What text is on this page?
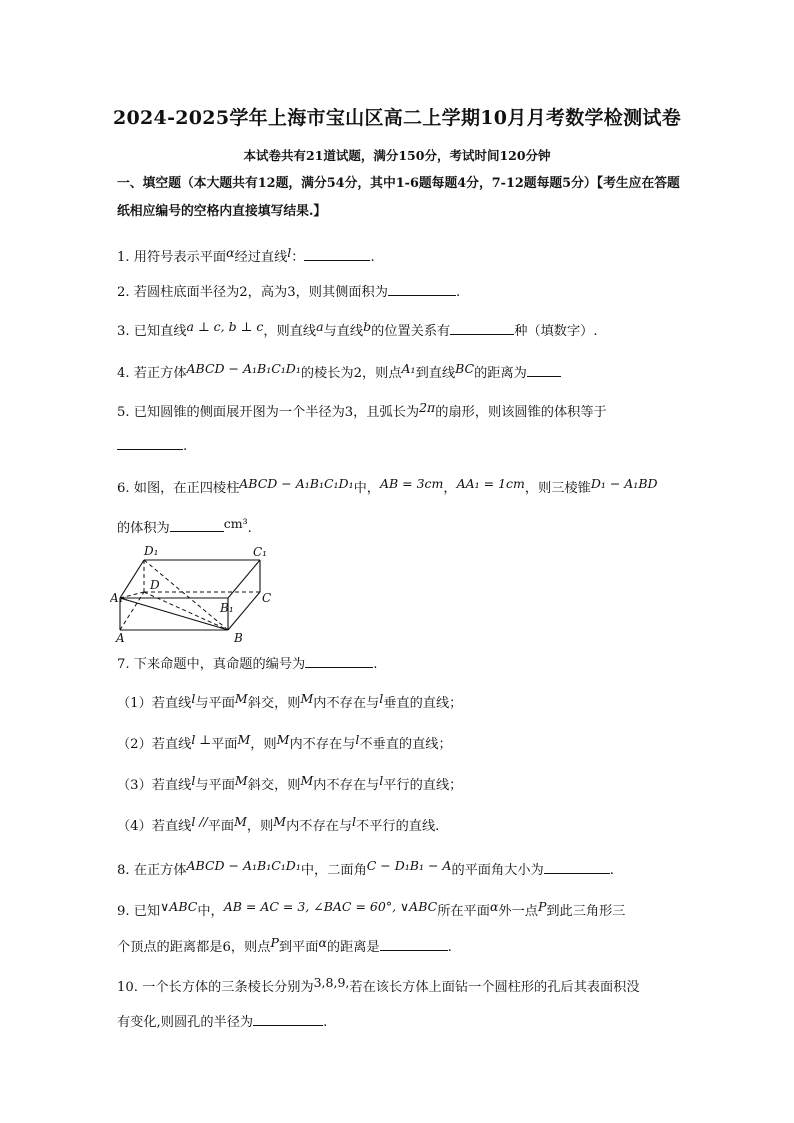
2024-2025学年上海市宝山区高二上学期10月月考数学检测试卷
本试卷共有21道试题，满分150分，考试时间120分钟
一、填空题（本大题共有12题，满分54分，其中1-6题每题4分，7-12题每题5分）【考生应在答题纸相应编号的空格内直接填写结果.】
1. 用符号表示平面α经过直线l：	.
2. 若圆柱底面半径为2，高为3，则其侧面积为	.
3. 已知直线a ⊥ c, b ⊥ c，则直线a与直线b的位置关系有	种（填数字）.
4. 若正方体ABCD − A₁B₁C₁D₁的棱长为2，则点A₁到直线BC的距离为
5. 已知圆锥的侧面展开图为一个半径为3，且弧长为2π的扇形，则该圆锥的体积等于
.
6. 如图，在正四棱柱ABCD − A₁B₁C₁D₁中，AB = 3cm，AA₁ = 1cm，则三棱锥D₁ − A₁BD
的体积为	cm³.
D₁	C₁
A₁
D
B₁
C
A	B
7. 下来命题中，真命题的编号为	.
（1）若直线l与平面M斜交，则M内不存在与l垂直的直线；
（2）若直线l ⊥平面M，则M内不存在与l不垂直的直线；
（3）若直线l与平面M斜交，则M内不存在与l平行的直线；
（4）若直线l //平面M，则M内不存在与l不平行的直线.
8. 在正方体ABCD − A₁B₁C₁D₁中，二面角C − D₁B₁ − A的平面角大小为	.
9. 已知∨ABC中，AB = AC = 3, ∠BAC = 60°, ∨ABC所在平面α外一点P到此三角形三
个顶点的距离都是6，则点P到平面α的距离是	.
10. 一个长方体的三条棱长分别为3,8,9,若在该长方体上面钻一个圆柱形的孔后其表面积没
有变化,则圆孔的半径为	.
